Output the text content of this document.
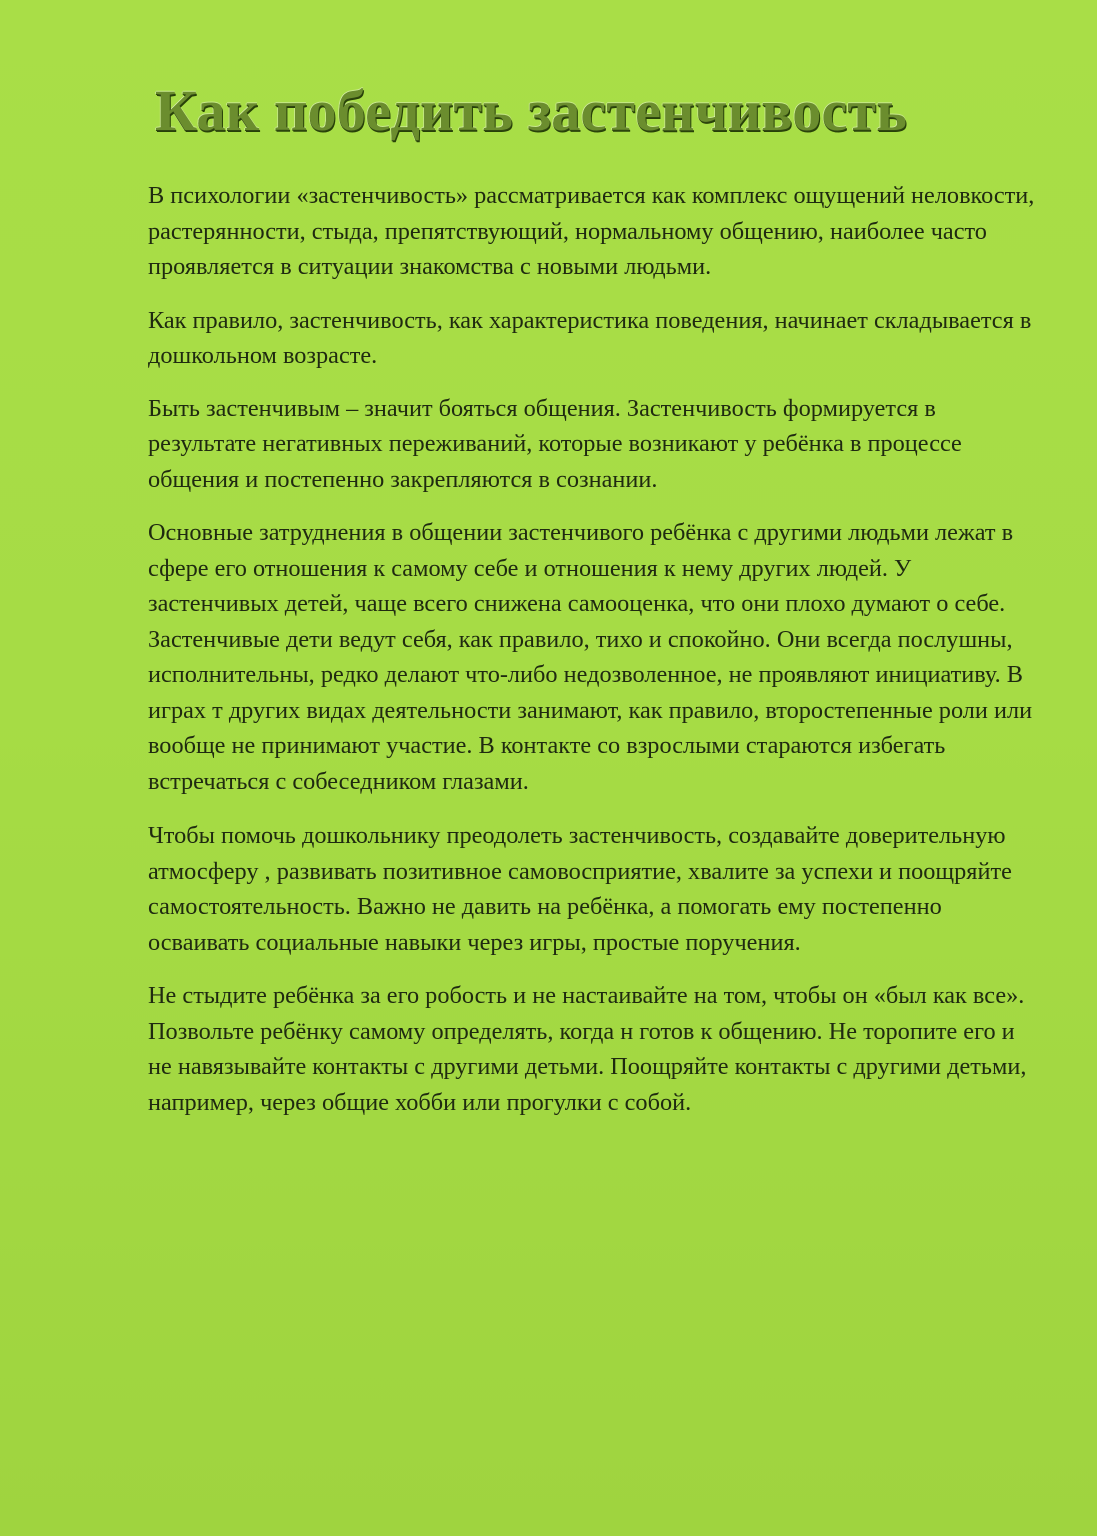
Как победить застенчивость

В психологии «застенчивость» рассматривается как комплекс ощущений неловкости, растерянности, стыда, препятствующий, нормальному общению, наиболее часто проявляется в ситуации знакомства с новыми людьми.

Как правило, застенчивость, как характеристика поведения, начинает складывается в дошкольном возрасте.

Быть застенчивым – значит бояться общения. Застенчивость формируется в результате негативных переживаний, которые возникают у ребёнка в процессе общения и постепенно закрепляются в сознании.

Основные затруднения в общении застенчивого ребёнка с другими людьми лежат в сфере его отношения к самому себе и отношения к нему других людей. У застенчивых детей, чаще всего снижена самооценка, что они плохо думают о себе. Застенчивые дети ведут себя, как правило, тихо и спокойно. Они всегда послушны, исполнительны, редко делают что-либо недозволенное, не проявляют инициативу. В играх т других видах деятельности занимают, как правило, второстепенные роли или вообще не принимают участие. В контакте со взрослыми стараются избегать встречаться с собеседником глазами.

Чтобы помочь дошкольнику преодолеть застенчивость, создавайте доверительную атмосферу , развивать позитивное самовосприятие, хвалите за успехи и поощряйте самостоятельность. Важно не давить на ребёнка, а помогать ему постепенно осваивать социальные навыки через игры, простые поручения.

Не стыдите ребёнка за его робость и не настаивайте на том, чтобы он «был как все». Позвольте ребёнку самому определять, когда н готов к общению. Не торопите его и не навязывайте контакты с другими детьми. Поощряйте контакты с другими детьми, например, через общие хобби или прогулки с собой.
